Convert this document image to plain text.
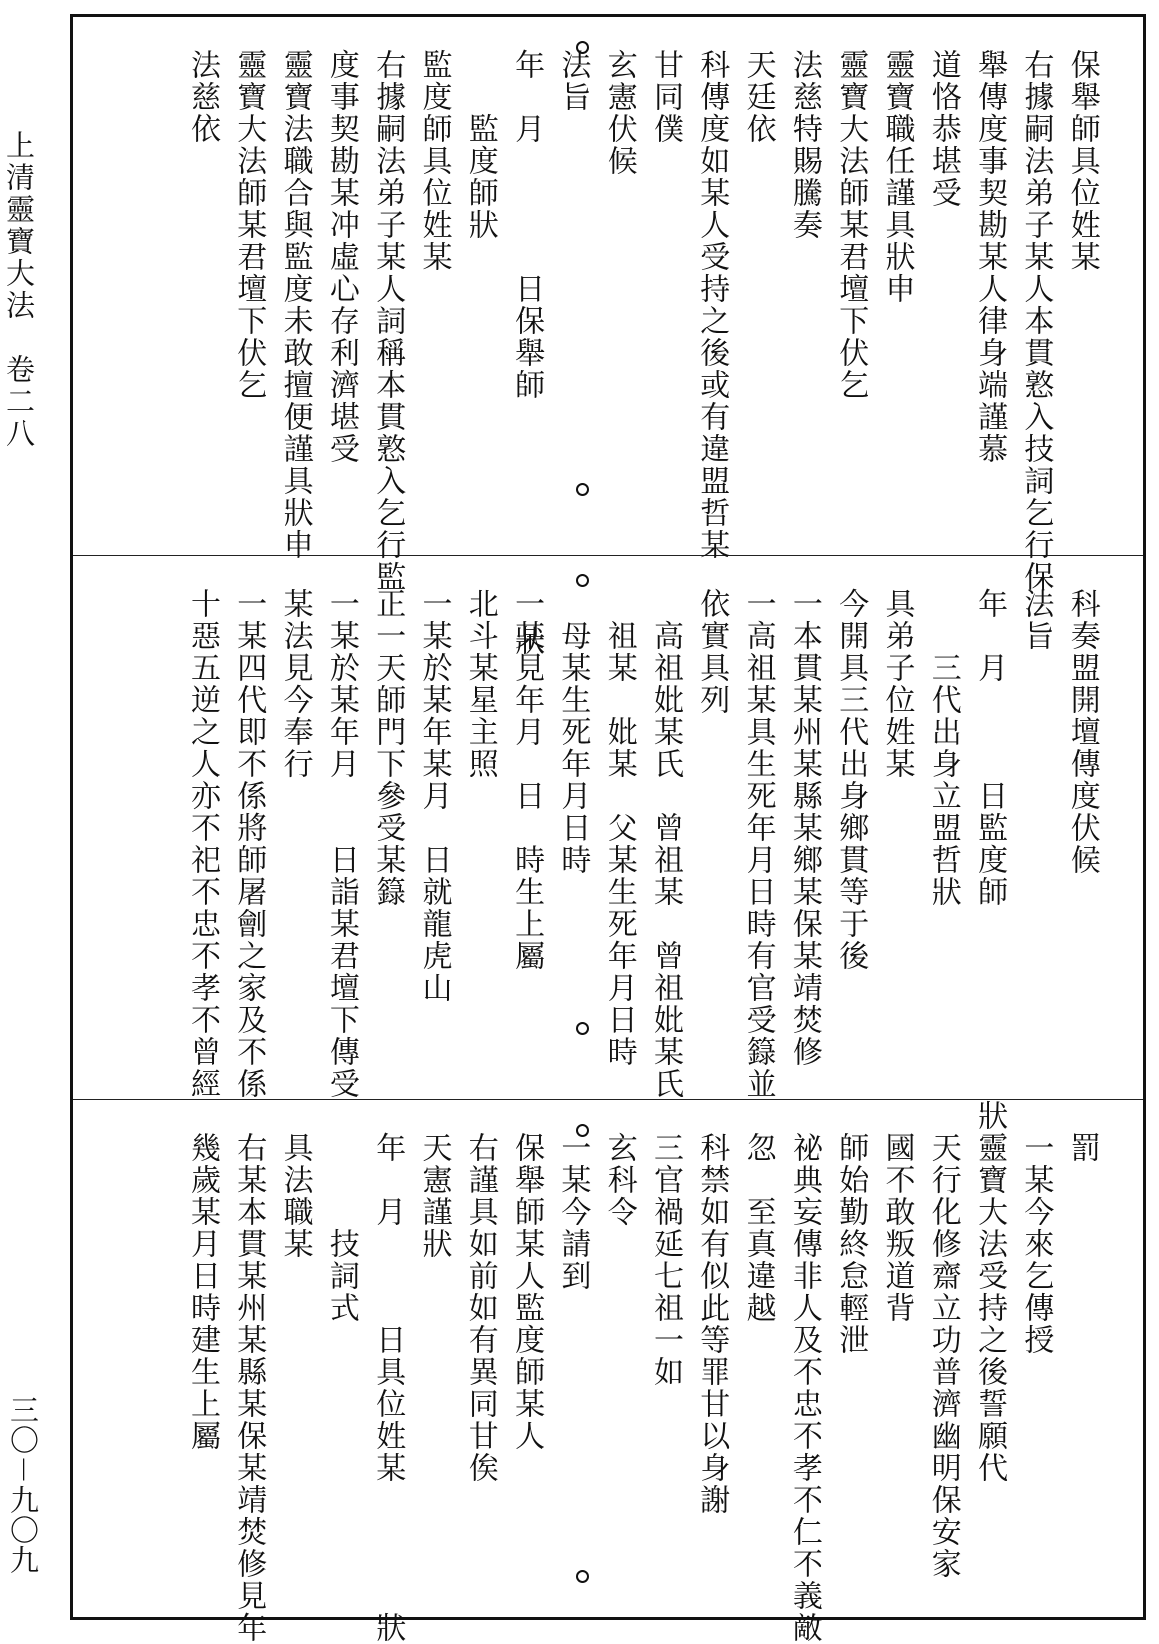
上清靈寶大法　卷二八
三〇－九〇九
保舉師具位姓某
右據嗣法弟子某人本貫憝入技詞乞行保
舉傳度事契勘某人律身端謹慕
道恪恭堪受
靈寶職任謹具狀申
靈寶大法師某君壇下伏乞
法慈特賜騰奏
天廷依
科傳度如某人受持之後或有違盟哲某
甘同僕
玄憲伏候
法旨
年　月　　　　日保舉師　　　　　　　狀
　　監度師狀
監度師具位姓某
右據嗣法弟子某人詞稱本貫憝入乞行監
度事契勘某冲虛心存利濟堪受
靈寶法職合與監度未敢擅便謹具狀申
靈寶大法師某君壇下伏乞
法慈依
科奏盟開壇傳度伏候
法旨
年　月　　　日監度師　　　　　　狀
　　三代出身立盟哲狀
具弟子位姓某
今開具三代出身鄉貫等于後
一本貫某州某縣某鄉某保某靖焚修
一高祖某具生死年月日時有官受籙並
依實具列
　高祖妣某氏　曾祖某　曾祖妣某氏
　祖某　妣某　父某生死年月日時
　母某生死年月日時
一某見年月　日　時生上屬
北斗某星主照
一某於某年某月　日就龍虎山
正一天師門下參受某籙
一某於某年月　　日詣某君壇下傳受
某法見今奉行
一某四代即不係將師屠劊之家及不係
十惡五逆之人亦不祀不忠不孝不曾經
罰
一某今來乞傳授
靈寶大法受持之後誓願代
天行化修齋立功普濟幽明保安家
國不敢叛道背
師始勤終怠輕泄
祕典妄傳非人及不忠不孝不仁不義敵
忽　至真違越
科禁如有似此等罪甘以身謝
三官禍延七祖一如
玄科令
一某今請到
保舉師某人監度師某人
右謹具如前如有異同甘俟
天憲謹狀
年　月　　　日具位姓某　　　　狀
　　　技詞式
具法職某
右某本貫某州某縣某保某靖焚修見年
幾歲某月日時建生上屬
